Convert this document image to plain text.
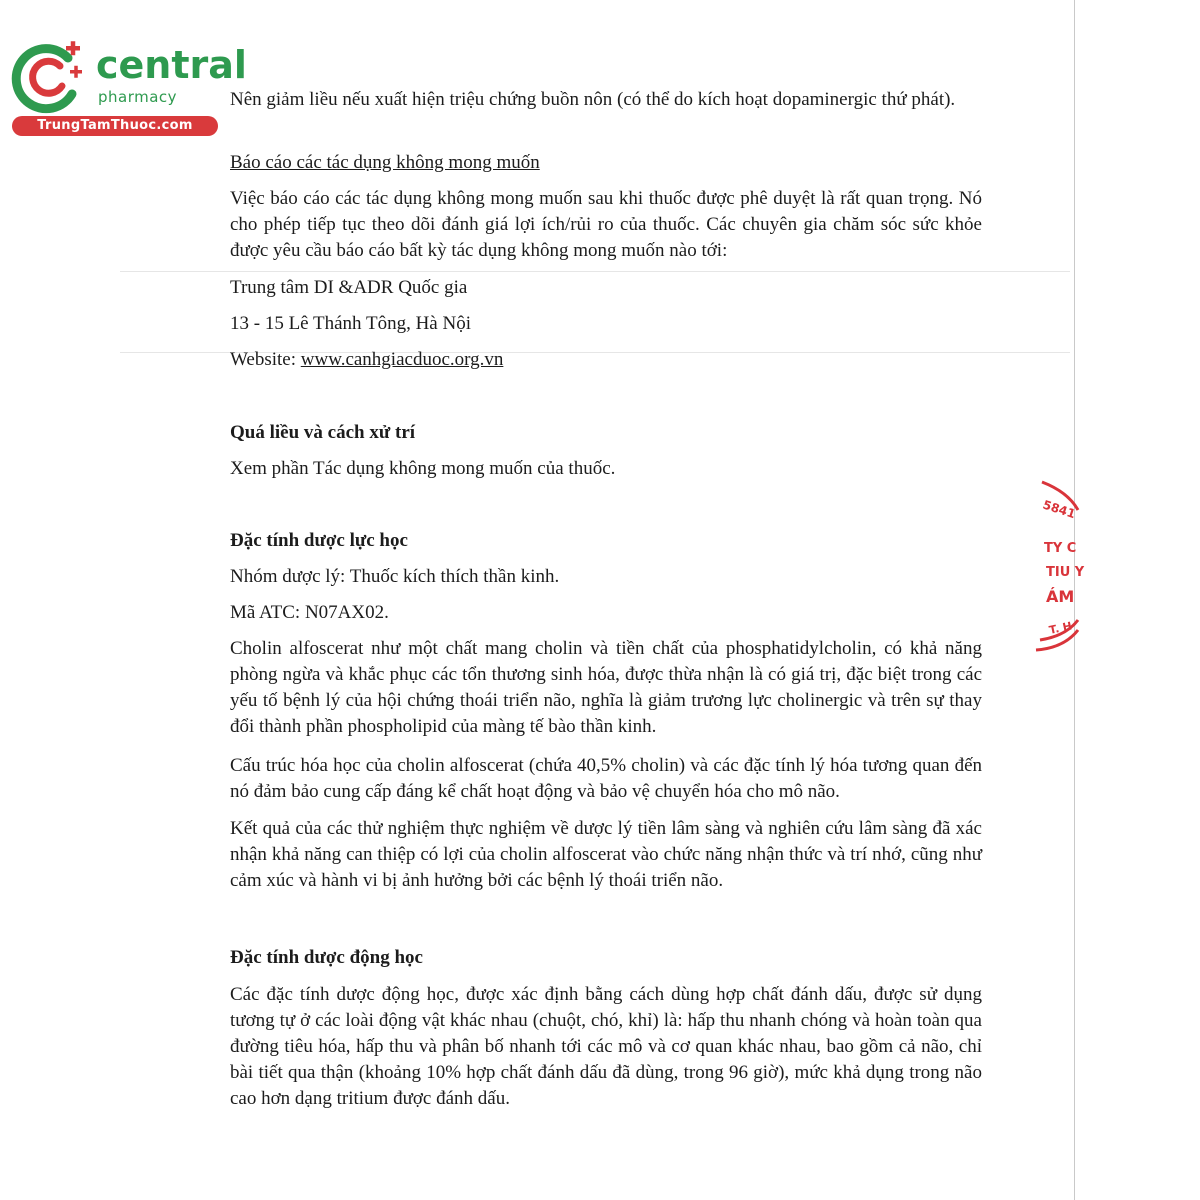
central
pharmacy
TrungTamThuoc.com

Nên giảm liều nếu xuất hiện triệu chứng buồn nôn (có thể do kích hoạt dopaminergic thứ phát).

Báo cáo các tác dụng không mong muốn

Việc báo cáo các tác dụng không mong muốn sau khi thuốc được phê duyệt là rất quan trọng. Nó cho phép tiếp tục theo dõi đánh giá lợi ích/rủi ro của thuốc. Các chuyên gia chăm sóc sức khỏe được yêu cầu báo cáo bất kỳ tác dụng không mong muốn nào tới:

Trung tâm DI &ADR Quốc gia

13 - 15 Lê Thánh Tông, Hà Nội

Website: www.canhgiacduoc.org.vn

Quá liều và cách xử trí

Xem phần Tác dụng không mong muốn của thuốc.

Đặc tính dược lực học

Nhóm dược lý: Thuốc kích thích thần kinh.

Mã ATC: N07AX02.

Cholin alfoscerat như một chất mang cholin và tiền chất của phosphatidylcholin, có khả năng phòng ngừa và khắc phục các tổn thương sinh hóa, được thừa nhận là có giá trị, đặc biệt trong các yếu tố bệnh lý của hội chứng thoái triển não, nghĩa là giảm trương lực cholinergic và trên sự thay đổi thành phần phospholipid của màng tế bào thần kinh.

Cấu trúc hóa học của cholin alfoscerat (chứa 40,5% cholin) và các đặc tính lý hóa tương quan đến nó đảm bảo cung cấp đáng kể chất hoạt động và bảo vệ chuyển hóa cho mô não.

Kết quả của các thử nghiệm thực nghiệm về dược lý tiền lâm sàng và nghiên cứu lâm sàng đã xác nhận khả năng can thiệp có lợi của cholin alfoscerat vào chức năng nhận thức và trí nhớ, cũng như cảm xúc và hành vi bị ảnh hưởng bởi các bệnh lý thoái triển não.

Đặc tính dược động học

Các đặc tính dược động học, được xác định bằng cách dùng hợp chất đánh dấu, được sử dụng tương tự ở các loài động vật khác nhau (chuột, chó, khỉ) là: hấp thu nhanh chóng và hoàn toàn qua đường tiêu hóa, hấp thu và phân bố nhanh tới các mô và cơ quan khác nhau, bao gồm cả não, chỉ bài tiết qua thận (khoảng 10% hợp chất đánh dấu đã dùng, trong 96 giờ), mức khả dụng trong não cao hơn dạng tritium được đánh dấu.

5841
TY C
TIU Y
ÁM
T. H
